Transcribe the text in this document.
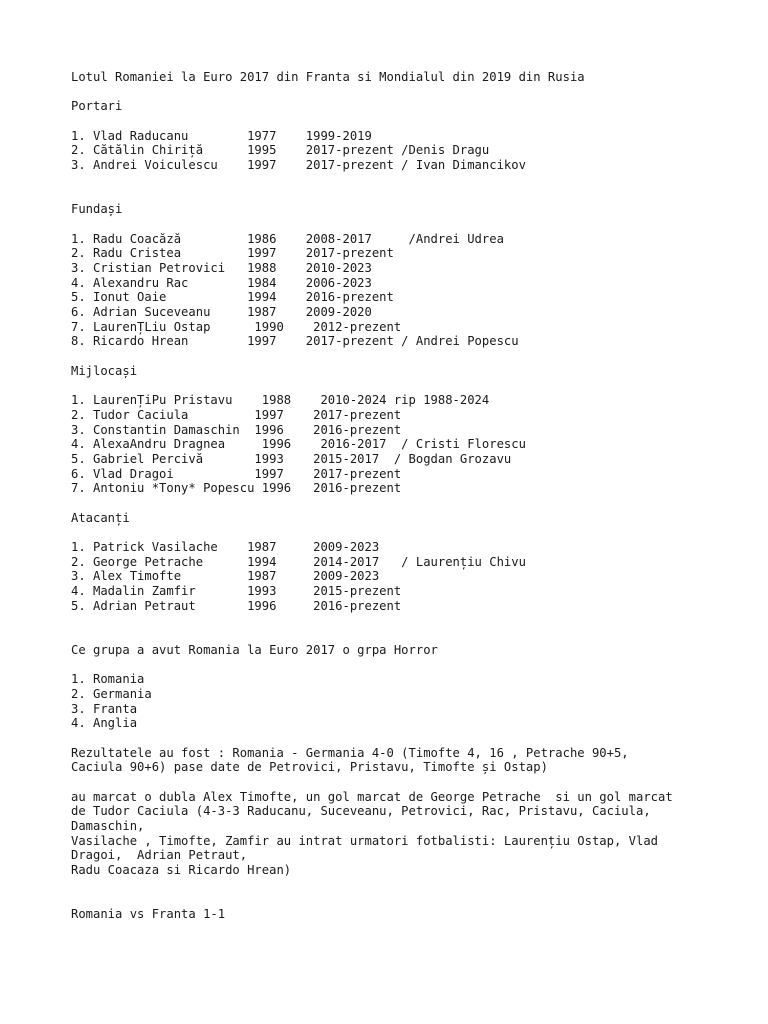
Lotul Romaniei la Euro 2017 din Franta si Mondialul din 2019 din Rusia
Portari
1. Vlad Raducanu        1977    1999-2019
2. Cătălin Chiriță      1995    2017-prezent /Denis Dragu
3. Andrei Voiculescu    1997    2017-prezent / Ivan Dimancikov
Fundași
1. Radu Coacăză         1986    2008-2017     /Andrei Udrea
2. Radu Cristea         1997    2017-prezent
3. Cristian Petrovici   1988    2010-2023
4. Alexandru Rac        1984    2006-2023
5. Ionut Oaie           1994    2016-prezent
6. Adrian Suceveanu     1987    2009-2020
7. LaurenȚLiu Ostap      1990    2012-prezent
8. Ricardo Hrean        1997    2017-prezent / Andrei Popescu
Mijlocași
1. LaurenȚiPu Pristavu    1988    2010-2024 rip 1988-2024
2. Tudor Caciula         1997    2017-prezent
3. Constantin Damaschin  1996    2016-prezent
4. AlexaAndru Dragnea     1996    2016-2017  / Cristi Florescu
5. Gabriel Percivă       1993    2015-2017  / Bogdan Grozavu
6. Vlad Dragoi           1997    2017-prezent
7. Antoniu *Tony* Popescu 1996   2016-prezent
Atacanți
1. Patrick Vasilache    1987     2009-2023
2. George Petrache      1994     2014-2017   / Laurențiu Chivu
3. Alex Timofte         1987     2009-2023
4. Madalin Zamfir       1993     2015-prezent
5. Adrian Petraut       1996     2016-prezent
Ce grupa a avut Romania la Euro 2017 o grpa Horror
1. Romania
2. Germania
3. Franta
4. Anglia
Rezultatele au fost : Romania - Germania 4-0 (Timofte 4, 16 , Petrache 90+5,
Caciula 90+6) pase date de Petrovici, Pristavu, Timofte și Ostap)
au marcat o dubla Alex Timofte, un gol marcat de George Petrache  si un gol marcat
de Tudor Caciula (4-3-3 Raducanu, Suceveanu, Petrovici, Rac, Pristavu, Caciula,
Damaschin,
Vasilache , Timofte, Zamfir au intrat urmatori fotbalisti: Laurențiu Ostap, Vlad
Dragoi,  Adrian Petraut,
Radu Coacaza si Ricardo Hrean)
Romania vs Franta 1-1
